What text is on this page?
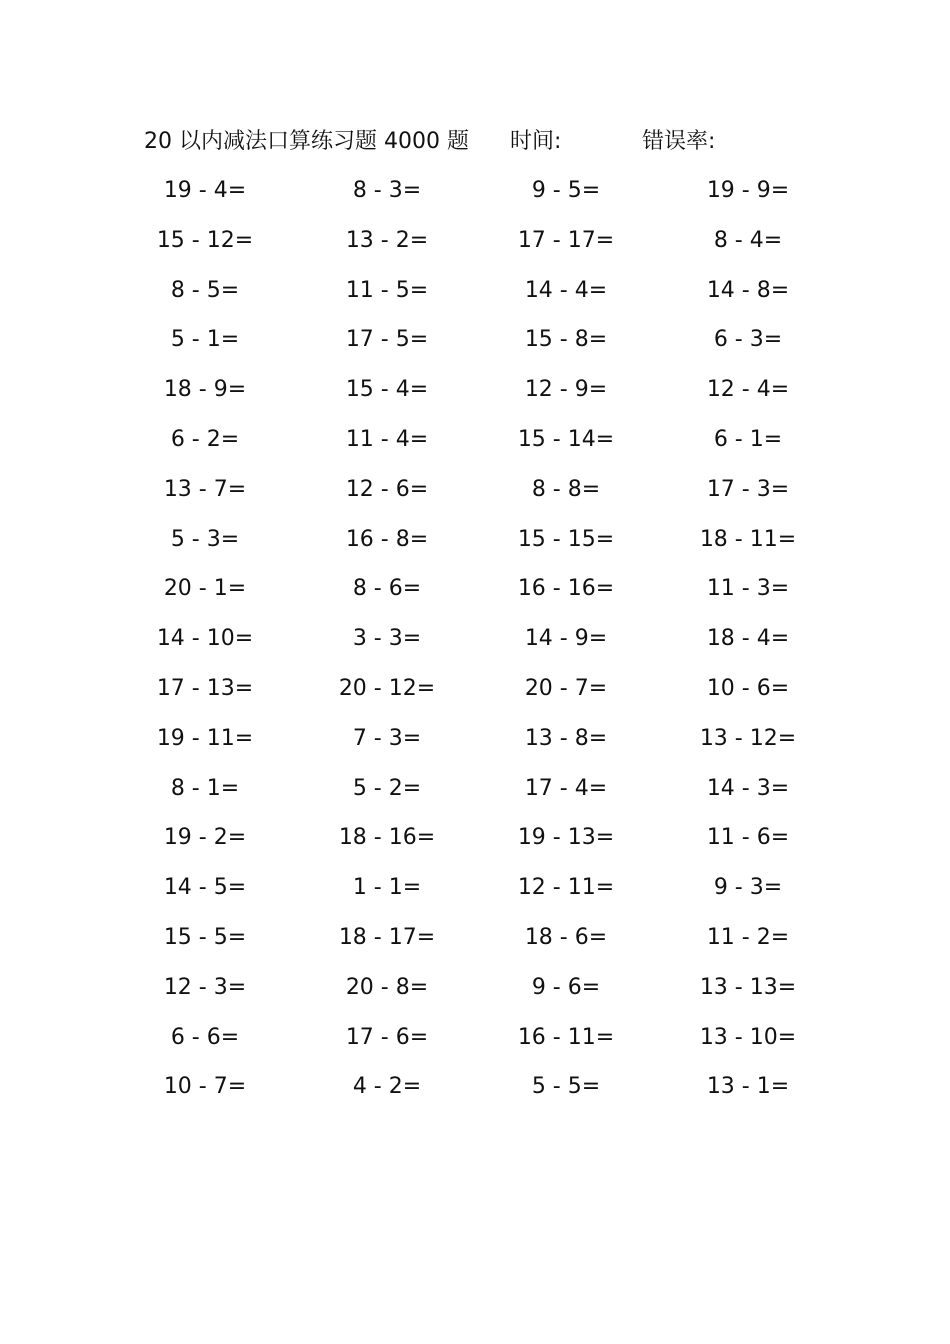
20 以内减法口算练习题 4000 题 时间:	错误率:
19 - 4=	8 - 3=	9 - 5=	19 - 9=
15 - 12=	13 - 2=	17 - 17=	8 - 4=
8 - 5=	11 - 5=	14 - 4=	14 - 8=
5 - 1=	17 - 5=	15 - 8=	6 - 3=
18 - 9=	15 - 4=	12 - 9=	12 - 4=
6 - 2=	11 - 4=	15 - 14=	6 - 1=
13 - 7=	12 - 6=	8 - 8=	17 - 3=
5 - 3=	16 - 8=	15 - 15=	18 - 11=
20 - 1=	8 - 6=	16 - 16=	11 - 3=
14 - 10=	3 - 3=	14 - 9=	18 - 4=
17 - 13=	20 - 12=	20 - 7=	10 - 6=
19 - 11=	7 - 3=	13 - 8=	13 - 12=
8 - 1=	5 - 2=	17 - 4=	14 - 3=
19 - 2=	18 - 16=	19 - 13=	11 - 6=
14 - 5=	1 - 1=	12 - 11=	9 - 3=
15 - 5=	18 - 17=	18 - 6=	11 - 2=
12 - 3=	20 - 8=	9 - 6=	13 - 13=
6 - 6=	17 - 6=	16 - 11=	13 - 10=
10 - 7=	4 - 2=	5 - 5=	13 - 1=
